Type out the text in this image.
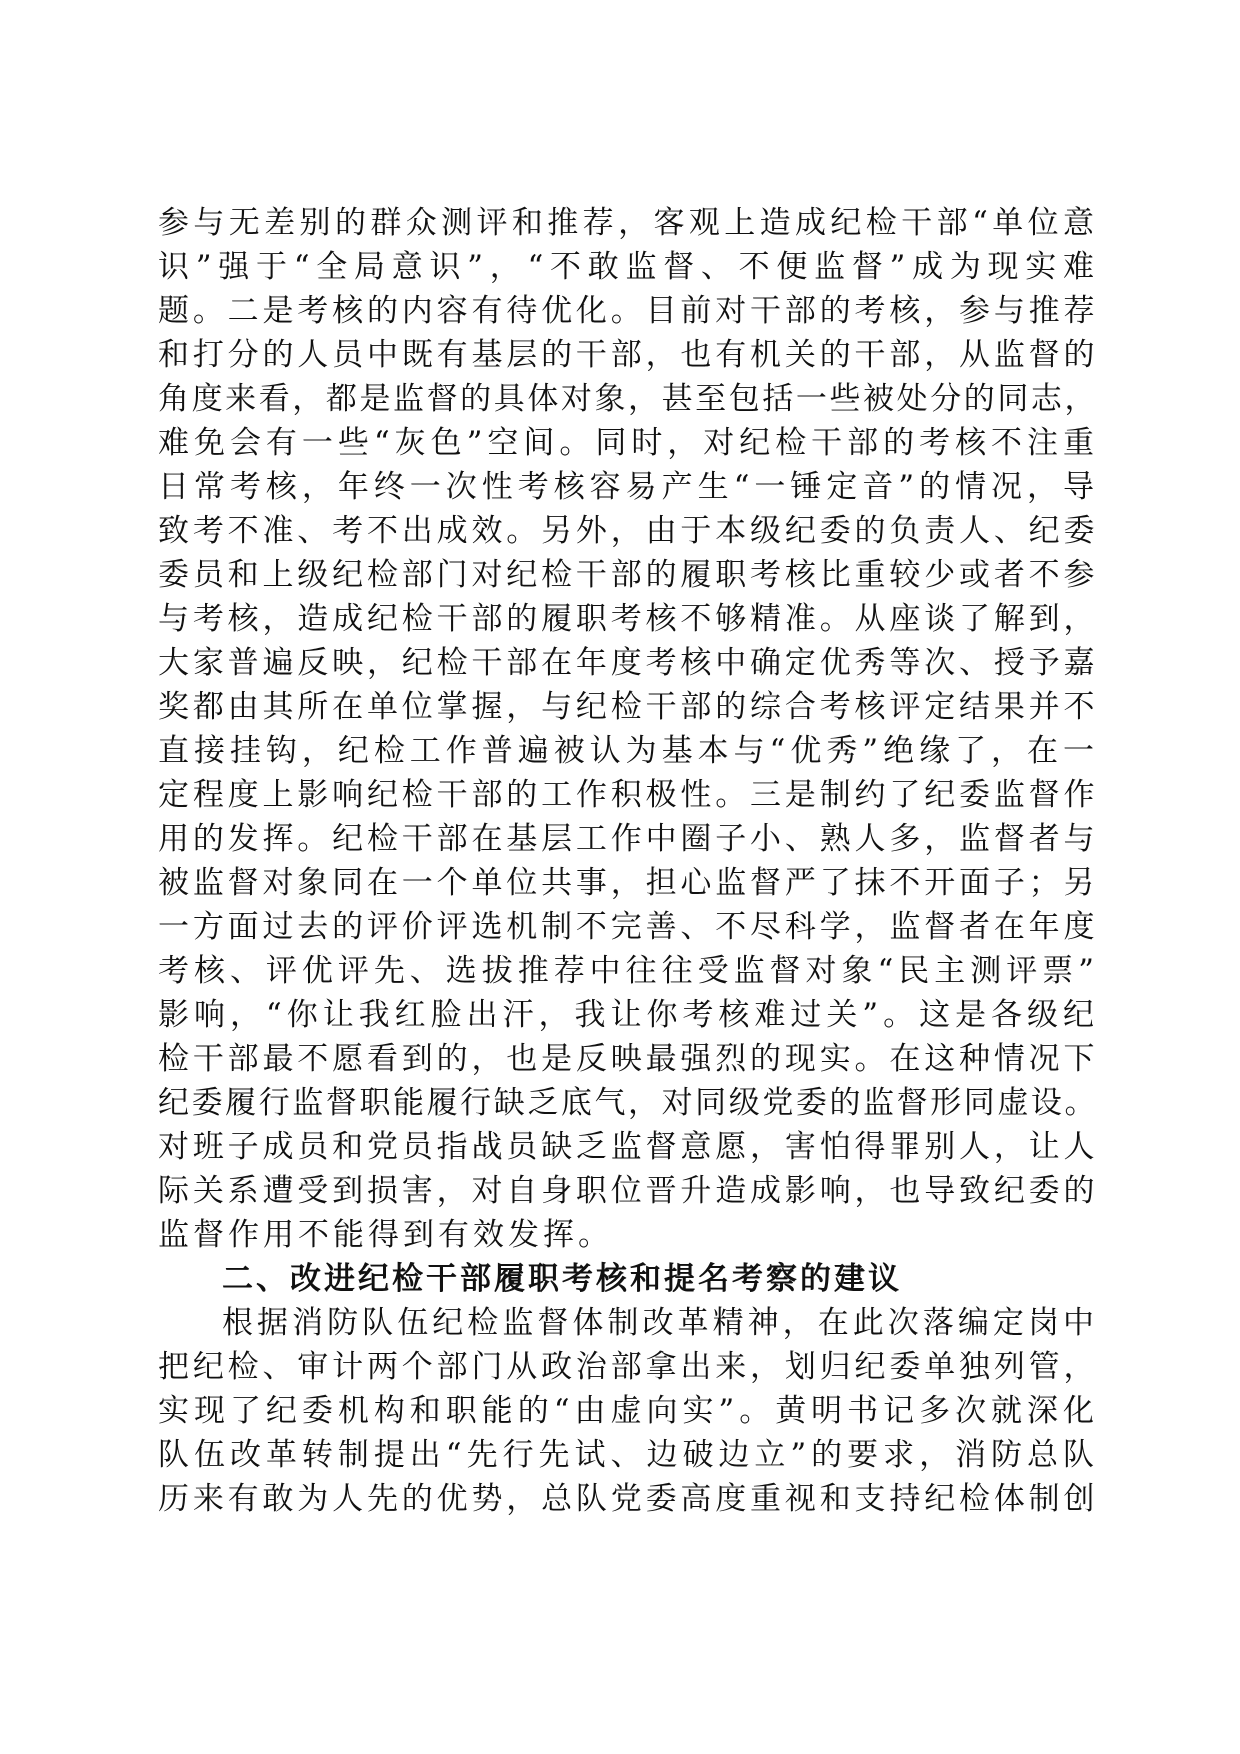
参与无差别的群众测评和推荐，客观上造成纪检干部“单位意
识”强于“全局意识”，“不敢监督、不便监督”成为现实难
题。二是考核的内容有待优化。目前对干部的考核，参与推荐
和打分的人员中既有基层的干部，也有机关的干部，从监督的
角度来看，都是监督的具体对象，甚至包括一些被处分的同志，
难免会有一些“灰色”空间。同时，对纪检干部的考核不注重
日常考核，年终一次性考核容易产生“一锤定音”的情况，导
致考不准、考不出成效。另外，由于本级纪委的负责人、纪委
委员和上级纪检部门对纪检干部的履职考核比重较少或者不参
与考核，造成纪检干部的履职考核不够精准。从座谈了解到，
大家普遍反映，纪检干部在年度考核中确定优秀等次、授予嘉
奖都由其所在单位掌握，与纪检干部的综合考核评定结果并不
直接挂钩，纪检工作普遍被认为基本与“优秀”绝缘了，在一
定程度上影响纪检干部的工作积极性。三是制约了纪委监督作
用的发挥。纪检干部在基层工作中圈子小、熟人多，监督者与
被监督对象同在一个单位共事，担心监督严了抹不开面子；另
一方面过去的评价评选机制不完善、不尽科学，监督者在年度
考核、评优评先、选拔推荐中往往受监督对象“民主测评票”
影响，“你让我红脸出汗，我让你考核难过关”。这是各级纪
检干部最不愿看到的，也是反映最强烈的现实。在这种情况下
纪委履行监督职能履行缺乏底气，对同级党委的监督形同虚设。
对班子成员和党员指战员缺乏监督意愿，害怕得罪别人，让人
际关系遭受到损害，对自身职位晋升造成影响，也导致纪委的
监督作用不能得到有效发挥。
二、改进纪检干部履职考核和提名考察的建议
根据消防队伍纪检监督体制改革精神，在此次落编定岗中
把纪检、审计两个部门从政治部拿出来，划归纪委单独列管，
实现了纪委机构和职能的“由虚向实”。黄明书记多次就深化
队伍改革转制提出“先行先试、边破边立”的要求，消防总队
历来有敢为人先的优势，总队党委高度重视和支持纪检体制创
